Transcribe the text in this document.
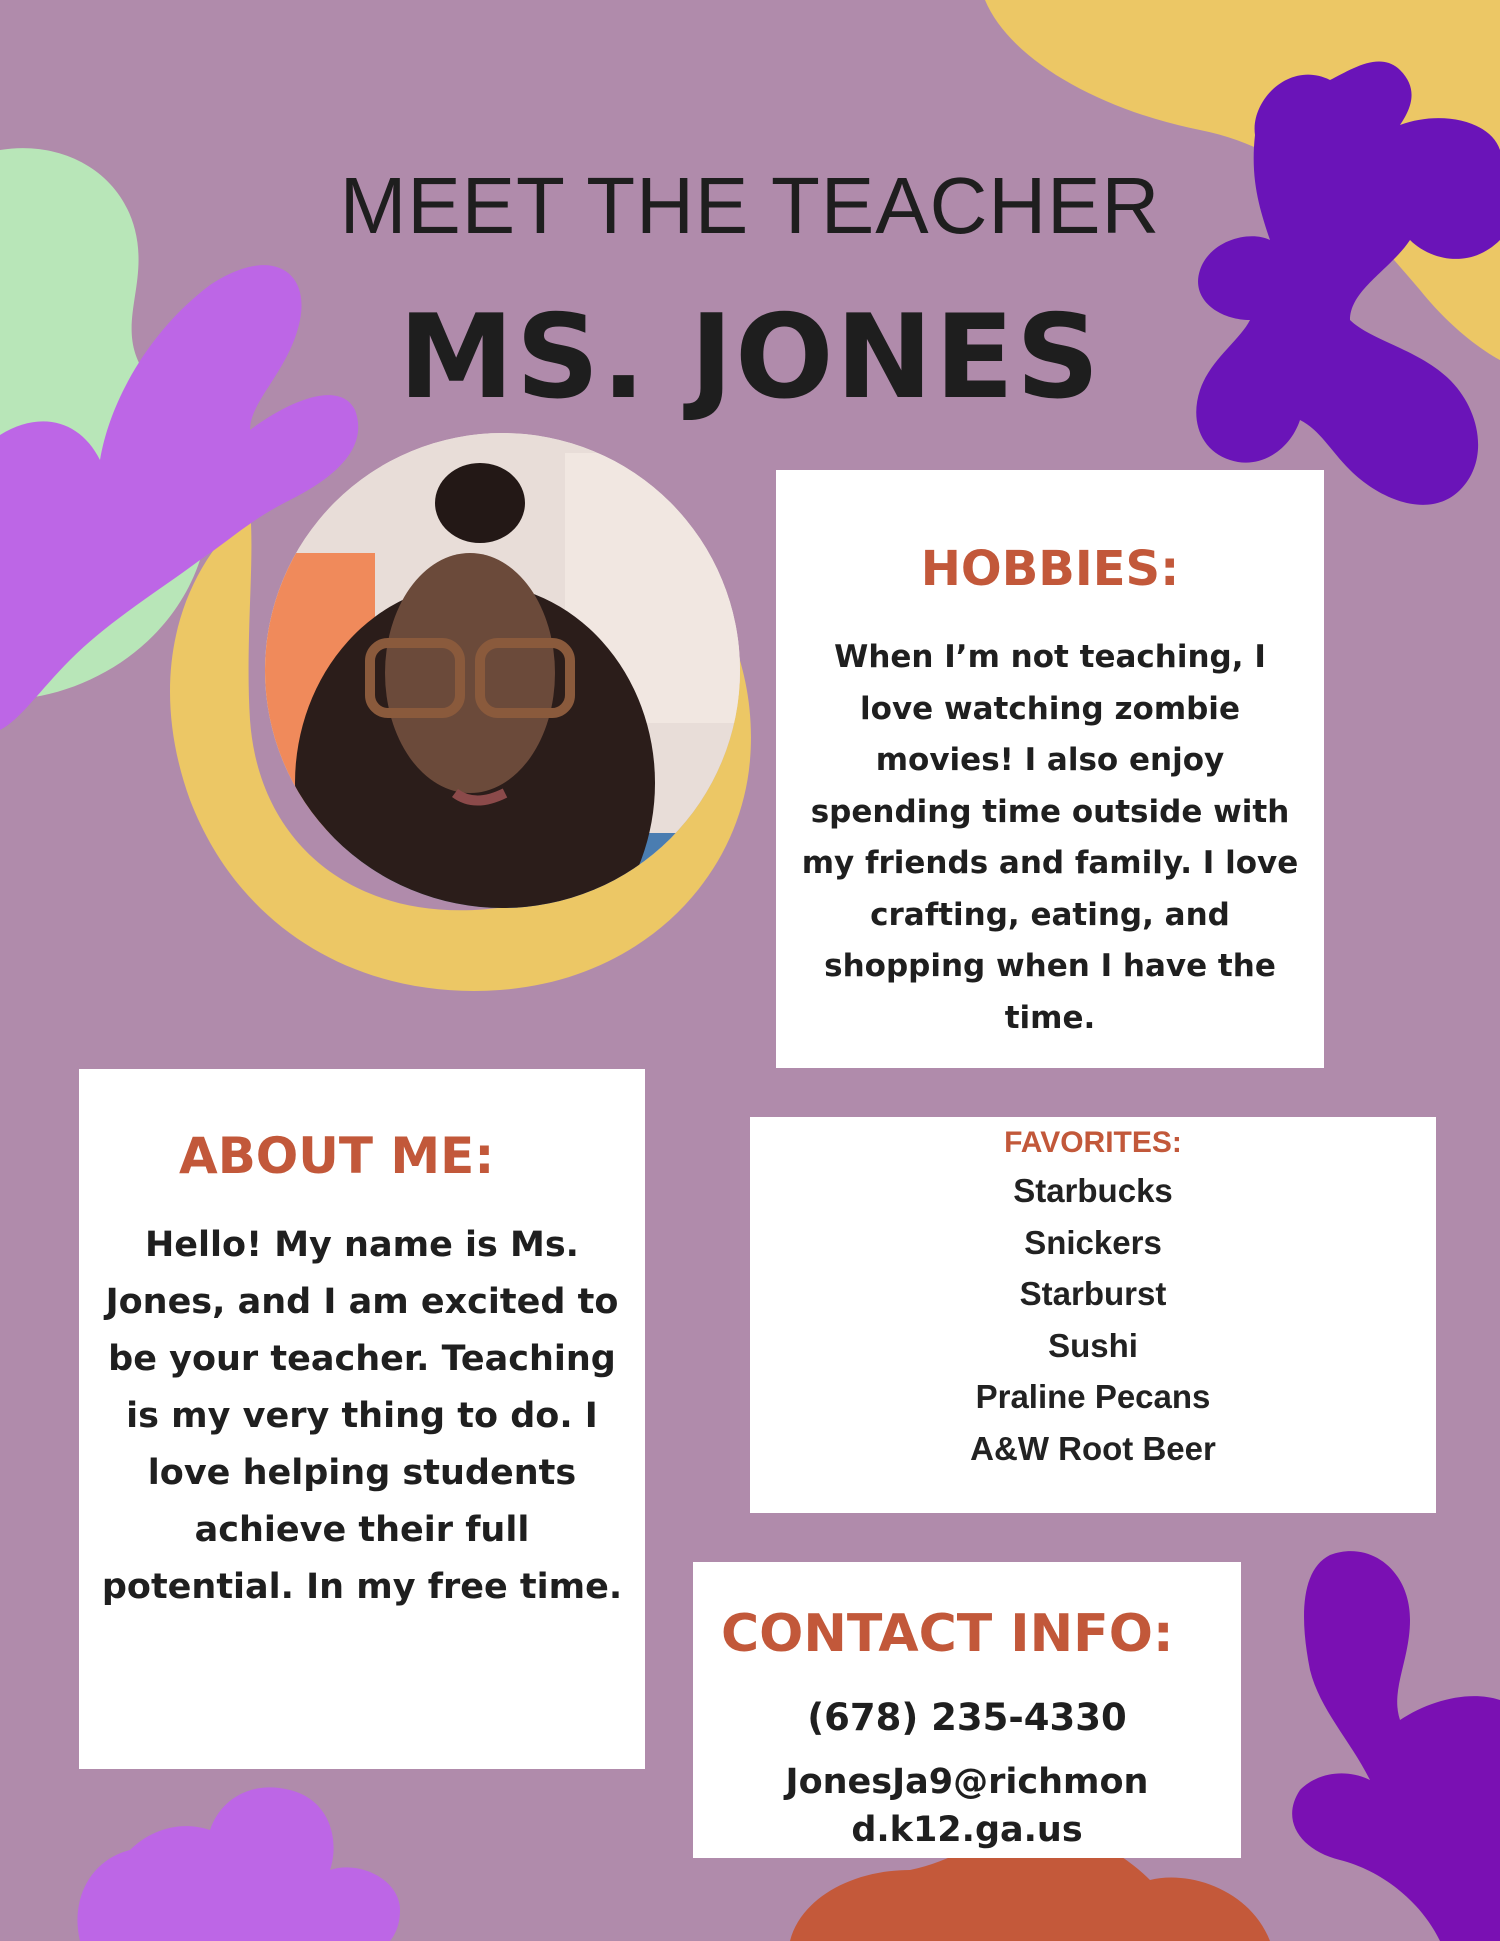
MEET THE TEACHER
MS. JONES

HOBBIES:

When I’m not teaching, I love watching zombie movies! I also enjoy spending time outside with my friends and family. I love crafting, eating, and shopping when I have the time.

ABOUT ME:

Hello! My name is Ms. Jones, and I am excited to be your teacher. Teaching is my very thing to do. I love helping students achieve their full potential. In my free time.

FAVORITES:

Starbucks
Snickers
Starburst
Sushi
Praline Pecans
A&W Root Beer

CONTACT INFO:

(678) 235-4330
JonesJa9@richmond.k12.ga.us
